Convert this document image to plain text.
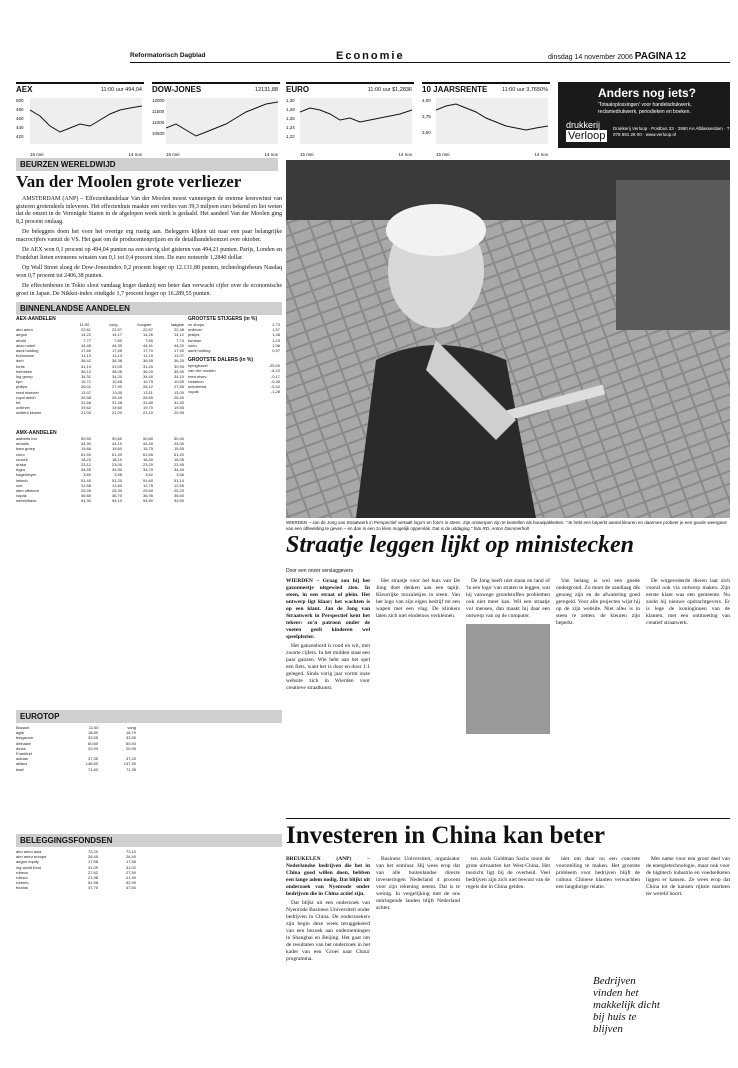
Reformatorisch Dagblad	Economie	dinsdag 14 november 2006 PAGINA 12
AEX	11:00 uur 494,04
500
480
460
440
420
15 mei	14 nov
DOW-JONES	12131,88
12000
11500
11000
10500
15 mei	14 nov
EURO	11:00 uur $1,2836
1,30
1,28
1,26
1,24
1,22
15 mei	14 nov
10 JAARSRENTE	11:00 uur 3,7650%
4,00
3,75
3,50
15 mei	14 nov
Anders nog iets?
'Totaaloplossingen' voor handelsdrukwerk, reclamedrukwerk, periodieken en boeken.
drukkerij
Verloop
Drukkerij Verloop · Postbus 33 · 2950 AA Alblasserdam · T 078 691 28 00 · www.verloop.nl
BEURZEN WERELDWIJD
Van der Moolen grote verliezer

AMSTERDAM (ANP) – Effectenhandelaar Van der Moolen moest vanmorgen de enorme koerswinst van gisteren grotendeels inleveren. Het effectenhuis maakte een verlies van 39,3 miljoen euro bekend en liet weten dat de omzet in de Verenigde Staten in de afgelopen week sterk is gedaald. Het aandeel Van der Moolen ging 8,2 procent omlaag.

De beleggers doen het voor het overige erg rustig aan. Beleggers kijken uit naar een paar belangrijke macrocijfers vanuit de VS. Het gaat om de producentenprijzen en de detailhandelsomzet over oktober.

De AEX won 0,1 procent op 494,04 punten na een stevig slot gisteren van 494,21 punten. Parijs, Londen en Frankfurt lieten eveneens winsten van 0,1 tot 0,4 procent zien. De euro noteerde 1,2840 dollar.

Op Wall Street sloeg de Dow-Jonesindex 0,2 procent hoger op 12.131,88 punten, technologiebeurs Nasdaq won 0,7 procent tot 2406,38 punten.

De effectenbeurs in Tokio sloot vandaag hoger dankzij een beter dan verwacht cijfer over de economische groei in Japan. De Nikkei-index eindigde 1,7 procent hoger op 16.289,55 punten.

BINNENLANDSE AANDELEN
AEX-AANDELEN
11:00	vorig	hoogste	laagste
abn amro	22,61	22,57	22,67	22,48
aegon	14,22	14,17	14,26	14,12
ahold	7,77	7,80	7,85	7,74
akzo nobel	44,45	44,39	44,61	44,20
asml holding	17,60	17,55	17,70	17,40
buhrmann	11,13	11,13	11,19	11,07
dsm	36,42	36,38	36,55	36,20
fortis	31,14	31,05	31,20	30,95
heineken	36,10	36,05	36,20	35,90
ing groep	34,31	34,20	34,40	34,10
kpn	10,71	10,68	10,75	10,65
philips	28,01	27,90	28,12	27,85
reed elsevier	13,07	13,05	13,11	13,00
royal dutch	26,58	26,49	26,65	26,40
tnt	31,66	31,48	31,80	31,40
unilever	19,62	19,60	19,70	19,55
wolters kluwer	21,03	21,00	21,10	20,95
AMX-AANDELEN
aalberts ind	50,50	50,60	50,80	50,40
arcadis	44,30	44,10	44,40	44,00
bam groep	15,68	15,60	15,75	15,55
corio	61,50	61,40	61,65	61,20
crucell	18,23	18,10	18,30	18,05
draka	23,12	23,05	23,20	22,95
fugro	34,59	34,50	34,70	34,40
hagemeyer	3,60	3,58	3,62	3,56
imtech	51,40	51,20	51,60	51,10
oce	12,68	12,60	12,75	12,55
sbm offshore	25,45	25,30	25,60	25,20
vopak	36,80	36,70	36,95	36,60
wereldhave	94,30	94,10	94,50	93,90
GROOTSTE STIJGERS (in %)
vn shops	2,73
unilever	1,57
philips	1,48
tomtom	1,23
corio	1,06
asml holding	0,97
GROOTSTE DALERS (in %)
kpmgtravel	-25,00
van der moolen	-8,22
reed elsev.	-0,17
rodamco	-0,35
schuitema	-0,42
vopak	-1,28
EUROTOP
Brussel	11:00	vorig
agfa	18,80	18,79
belgacom	33,55	33,50
delhaize	60,60	60,40
dexia	20,93	20,95
Frankfurt
adidas	37,35	37,20
allianz	148,50	147,90
basf	71,60	71,35
BELEGGINGSFONDSEN
abn amro asia	73,20	73,10
abn amro europe	26,45	26,40
aegon equity	17,58	17,55
ing world fund	31,09	31,02
robeco	27,62	27,50
rolinco	21,98	21,90
rorento	52,98	52,90
triodos	47,70	47,60
WIERDEN – Jan de Jong van Straatwerk in Perspectief vertaalt logo's en foto's in steen. Zijn ontwerpen zijn te bestellen als bouwpakketten. "Je hebt een beperkt aantal kleuren en daarmee probeer je een goede weergave van een afbeelding te geven – en dan in een zo klein mogelijk oppervlak. Dat is de uitdaging." foto RD, Anton Dommerholt
Straatje leggen lijkt op ministecken
Door een onzer verslaggevers

WIERDEN – Graag zou hij het gazonneetje uitgewied zien. In steen, in een straat of plein. Het ontwerp ligt klaar; het wachten is op een klant. Jan de Jong van Straatwerk in Perspectief kent het tekeer: zo'n patroon onder de voeten geeft kinderen wel speelplezier.

Het ganzenbord is rood en wit, met zwarte cijfers. In het midden staat een paar ganzen. Wie hebt aan het spel een fiets, want het is door en door 1:1 geleged. Sinds vorig jaar vormt onze website zich in Wierden voor creatieve straatkunst.

Het straatje voor het huis van De Jong doet denken aan een tapijt. Kleurrijke mozaïekjes in steen. Van het logo van zijn eigen bedrijf tot een wapen met een vlag. De klinkers laten zich niet eindeloos verkleinen.

De Jong heeft niet staan en land of 'in een logo' van straten te leggen, wat hij vanwege grondstoffen problemen ook niet meer kan. Wil een straatje vol mensen, dan maakt hij daar een ontwerp van op de computer.

Van belang is wel een goede ondergrond. Zo moet de zandlaag dik genoeg zijn en de afwatering goed geregeld. Voor alle projecten wijst hij op de zijn website. Niet alles is in steen te zetten: de kleuren zijn beperkt.

De witgevederde dieren laat zich vooral ook via ontwerp maken. Zijn eerste klant was een gemeente. Nu zoekt hij nieuwe opdrachtgevers. Er is lege de koninginnen van de klanten, met een ontmoeting van creatief straatwerk.

Investeren in China kan beter

BREUKELEN (ANP) – Nederlandse bedrijven die het in China goed willen doen, hebben een lange adem nodig. Dat blijkt uit onderzoek van Nyenrode onder bedrijven die in China actief zijn.

Dat blijkt uit een onderzoek van Nyenrode Business Universiteit onder bedrijven in China. De onderzoekers zijn begin deze week teruggekeerd van een bezoek aan ondernemingen in Shanghai en Beijing. Het gaat om de resultaten van het onderzoek in het kader van een 'Groei naar China' programma.

Business Universiteit, organisator van het seminar. Hij wees erop dat van alle buitenlandse directe investeringen Nederland 4 procent voor zijn rekening neemt. Dat is te weinig. In vergelijking met de ons omringende landen blijft Nederland achter.

ten zoals Goldman Sachs toont de grote uitvaarten het West-China. Het toezicht ligt bij de overheid. Veel bedrijven zijn zich niet bewust van de regels die in China gelden.

niet om daar nu een concrete voorstelling te maken. Het grootste probleem voor bedrijven blijft de cultuur. Chinese klanten verwachten een langdurige relatie.

Met name voor een groot deel van de energietechnologie, maar ook voor de hightech industrie en voedselketen liggen er kansen. Ze wees erop dat China tot de kansen rijkste markten ter wereld hoort.

Bedrijven vinden het makkelijk dicht bij huis te blijven
